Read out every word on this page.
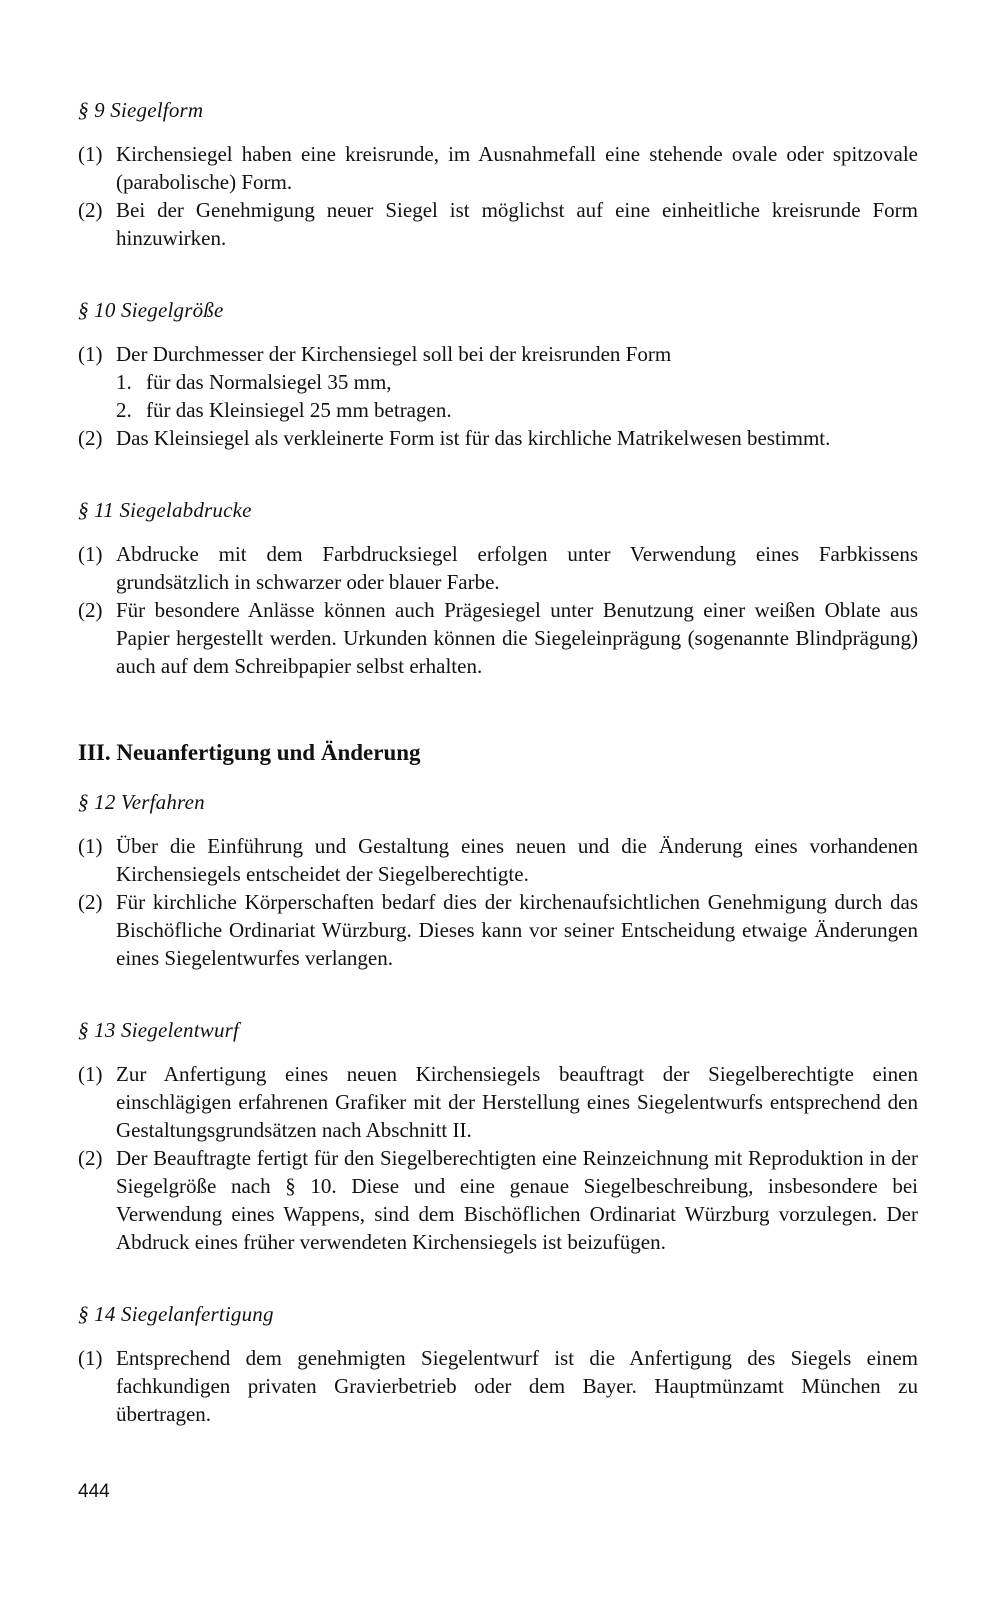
§ 9 Siegelform
(1) Kirchensiegel haben eine kreisrunde, im Ausnahmefall eine stehende ovale oder spitzovale (parabolische) Form.
(2) Bei der Genehmigung neuer Siegel ist möglichst auf eine einheitliche kreisrunde Form hinzuwirken.
§ 10 Siegelgröße
(1) Der Durchmesser der Kirchensiegel soll bei der kreisrunden Form
1. für das Normalsiegel 35 mm,
2. für das Kleinsiegel 25 mm betragen.
(2) Das Kleinsiegel als verkleinerte Form ist für das kirchliche Matrikelwesen bestimmt.
§ 11 Siegelabdrucke
(1) Abdrucke mit dem Farbdrucksiegel erfolgen unter Verwendung eines Farbkissens grundsätzlich in schwarzer oder blauer Farbe.
(2) Für besondere Anlässe können auch Prägesiegel unter Benutzung einer weißen Oblate aus Papier hergestellt werden. Urkunden können die Siegeleinprägung (sogenannte Blindprägung) auch auf dem Schreibpapier selbst erhalten.
III. Neuanfertigung und Änderung
§ 12 Verfahren
(1) Über die Einführung und Gestaltung eines neuen und die Änderung eines vorhandenen Kirchensiegels entscheidet der Siegelberechtigte.
(2) Für kirchliche Körperschaften bedarf dies der kirchenaufsichtlichen Genehmigung durch das Bischöfliche Ordinariat Würzburg. Dieses kann vor seiner Entscheidung etwaige Änderungen eines Siegelentwurfes verlangen.
§ 13 Siegelentwurf
(1) Zur Anfertigung eines neuen Kirchensiegels beauftragt der Siegelberechtigte einen einschlägigen erfahrenen Grafiker mit der Herstellung eines Siegelentwurfs entsprechend den Gestaltungsgrundsätzen nach Abschnitt II.
(2) Der Beauftragte fertigt für den Siegelberechtigten eine Reinzeichnung mit Reproduktion in der Siegelgröße nach § 10. Diese und eine genaue Siegelbeschreibung, insbesondere bei Verwendung eines Wappens, sind dem Bischöflichen Ordinariat Würzburg vorzulegen. Der Abdruck eines früher verwendeten Kirchensiegels ist beizufügen.
§ 14 Siegelanfertigung
(1) Entsprechend dem genehmigten Siegelentwurf ist die Anfertigung des Siegels einem fachkundigen privaten Gravierbetrieb oder dem Bayer. Hauptmünzamt München zu übertragen.
444
